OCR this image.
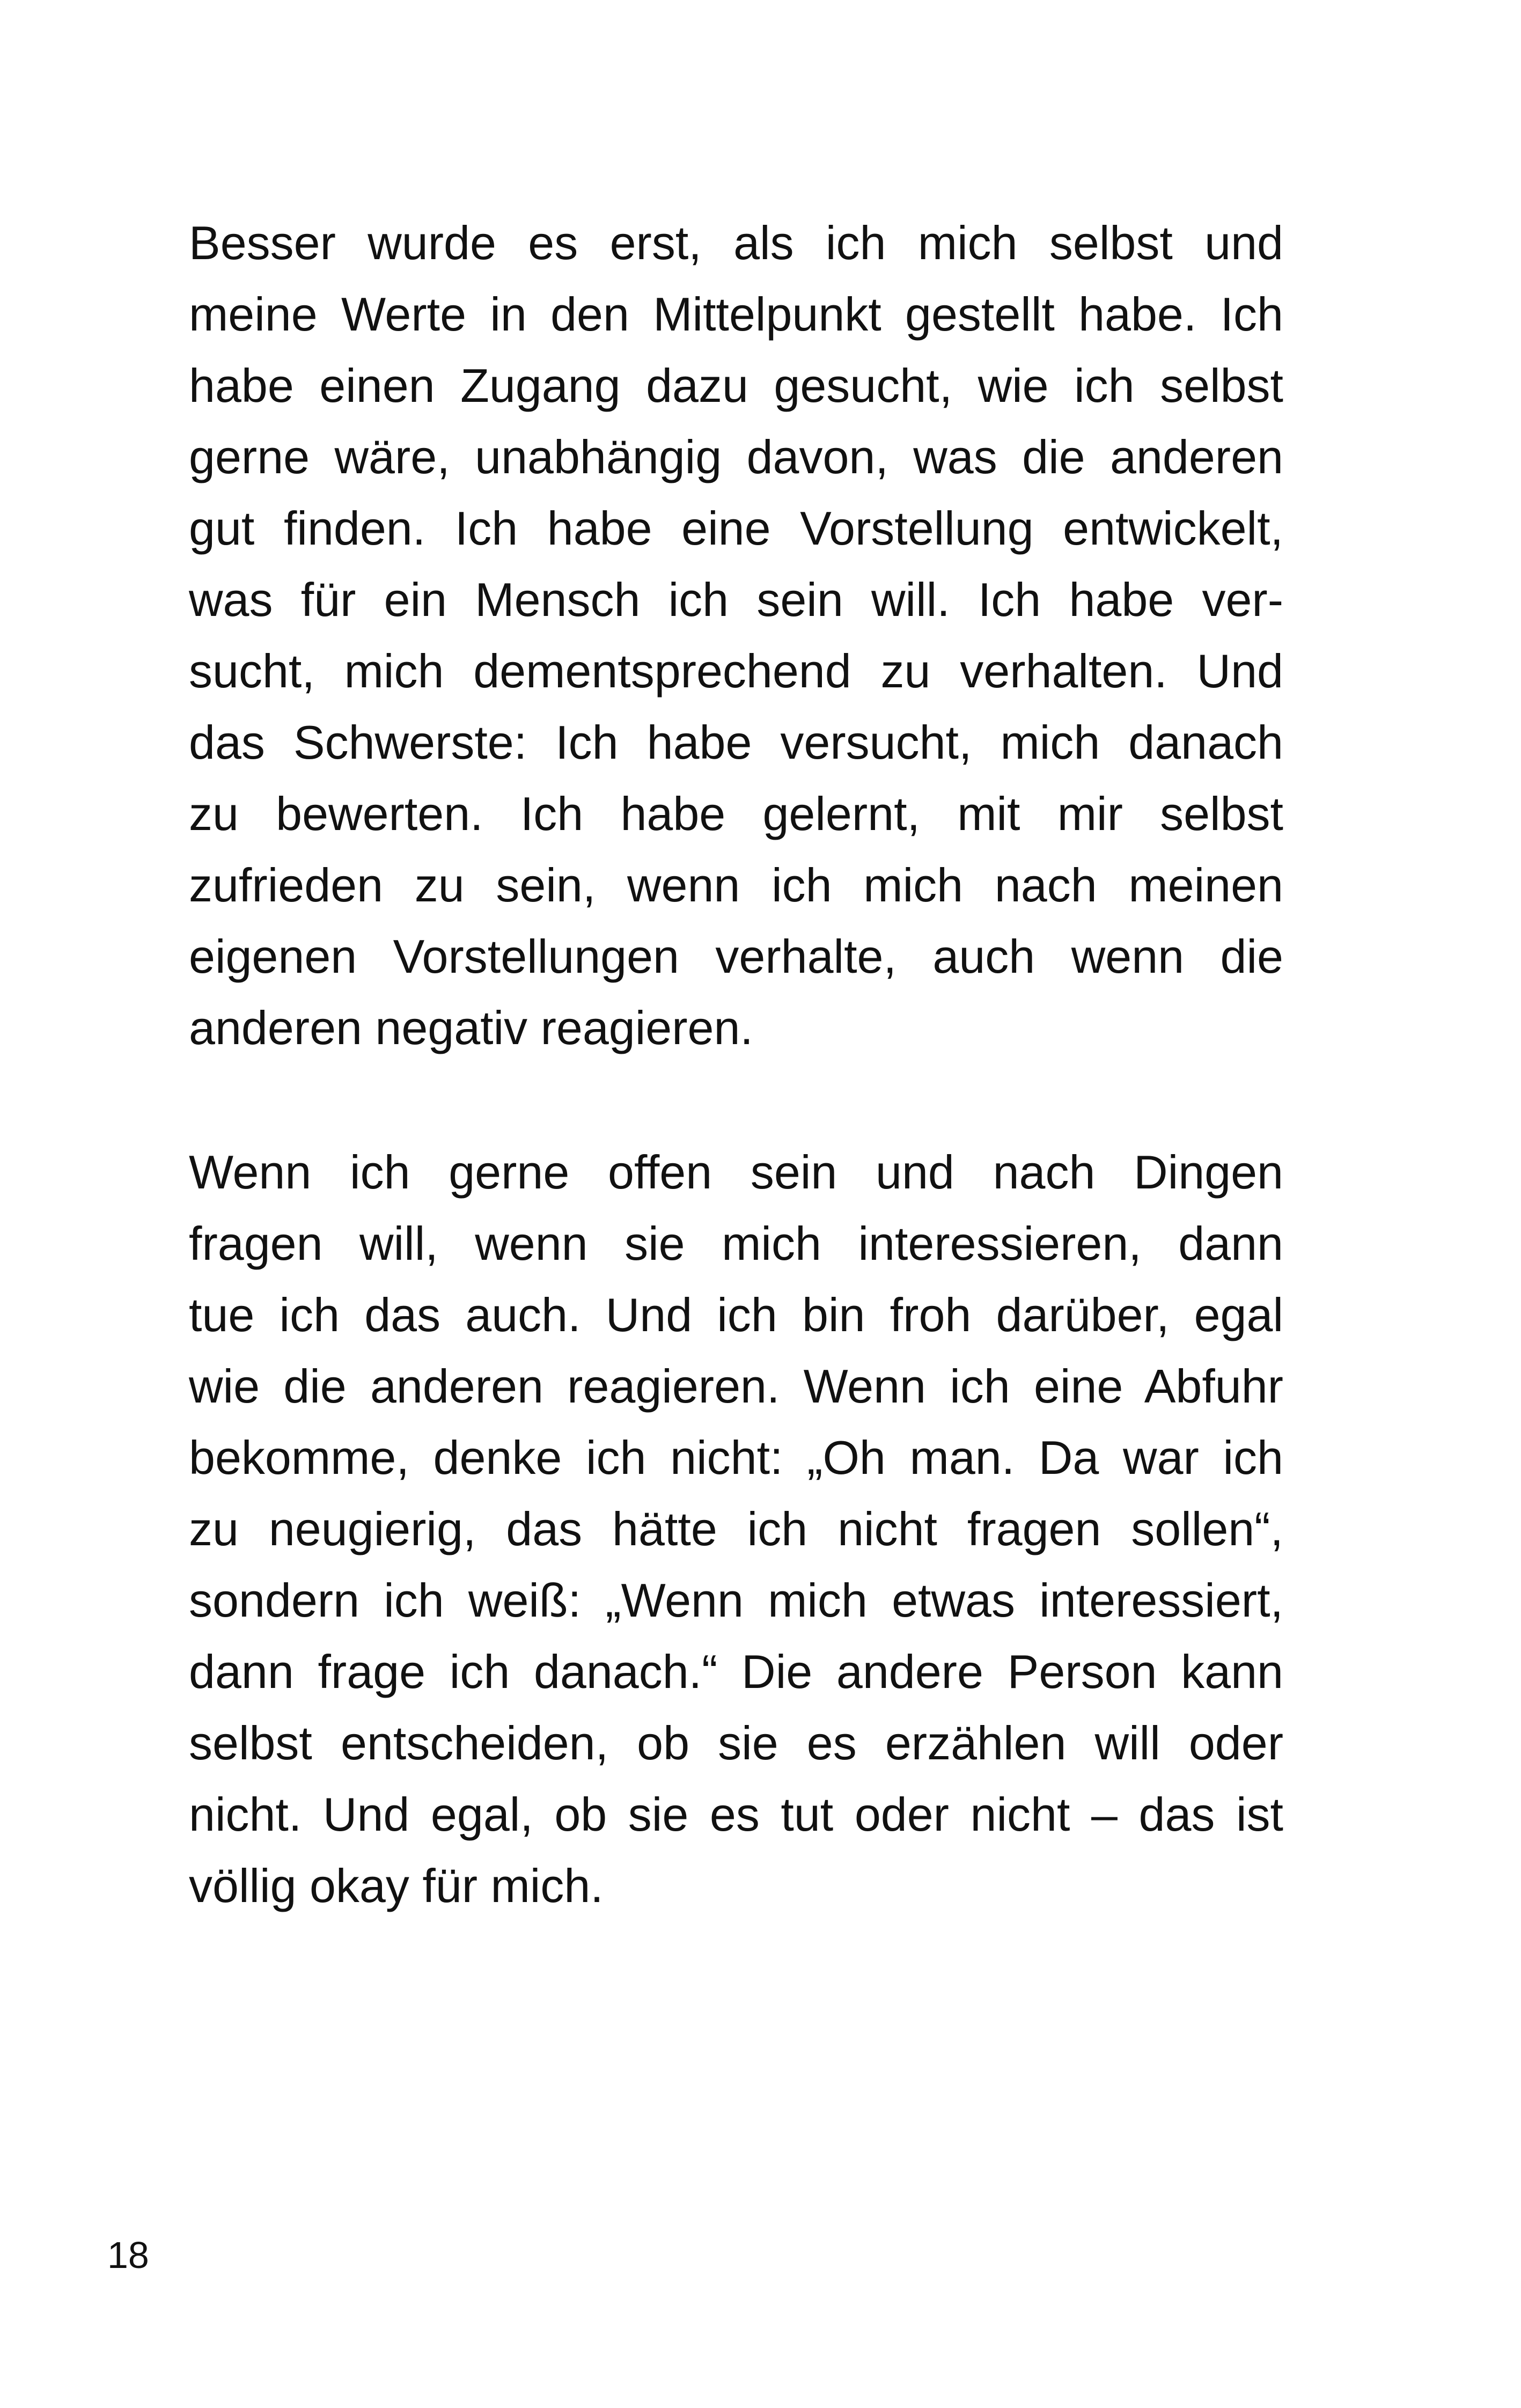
Besser wurde es erst, als ich mich selbst und
meine Werte in den Mittelpunkt gestellt habe. Ich
habe einen Zugang dazu gesucht, wie ich selbst
gerne wäre, unabhängig davon, was die anderen
gut finden. Ich habe eine Vorstellung entwickelt,
was für ein Mensch ich sein will. Ich habe ver-
sucht, mich dementsprechend zu verhalten. Und
das Schwerste: Ich habe versucht, mich danach
zu bewerten. Ich habe gelernt, mit mir selbst
zufrieden zu sein, wenn ich mich nach meinen
eigenen Vorstellungen verhalte, auch wenn die
anderen negativ reagieren.
Wenn ich gerne offen sein und nach Dingen
fragen will, wenn sie mich interessieren, dann
tue ich das auch. Und ich bin froh darüber, egal
wie die anderen reagieren. Wenn ich eine Abfuhr
bekomme, denke ich nicht: „Oh man. Da war ich
zu neugierig, das hätte ich nicht fragen sollen“,
sondern ich weiß: „Wenn mich etwas interessiert,
dann frage ich danach.“ Die andere Person kann
selbst entscheiden, ob sie es erzählen will oder
nicht. Und egal, ob sie es tut oder nicht – das ist
völlig okay für mich.
18
